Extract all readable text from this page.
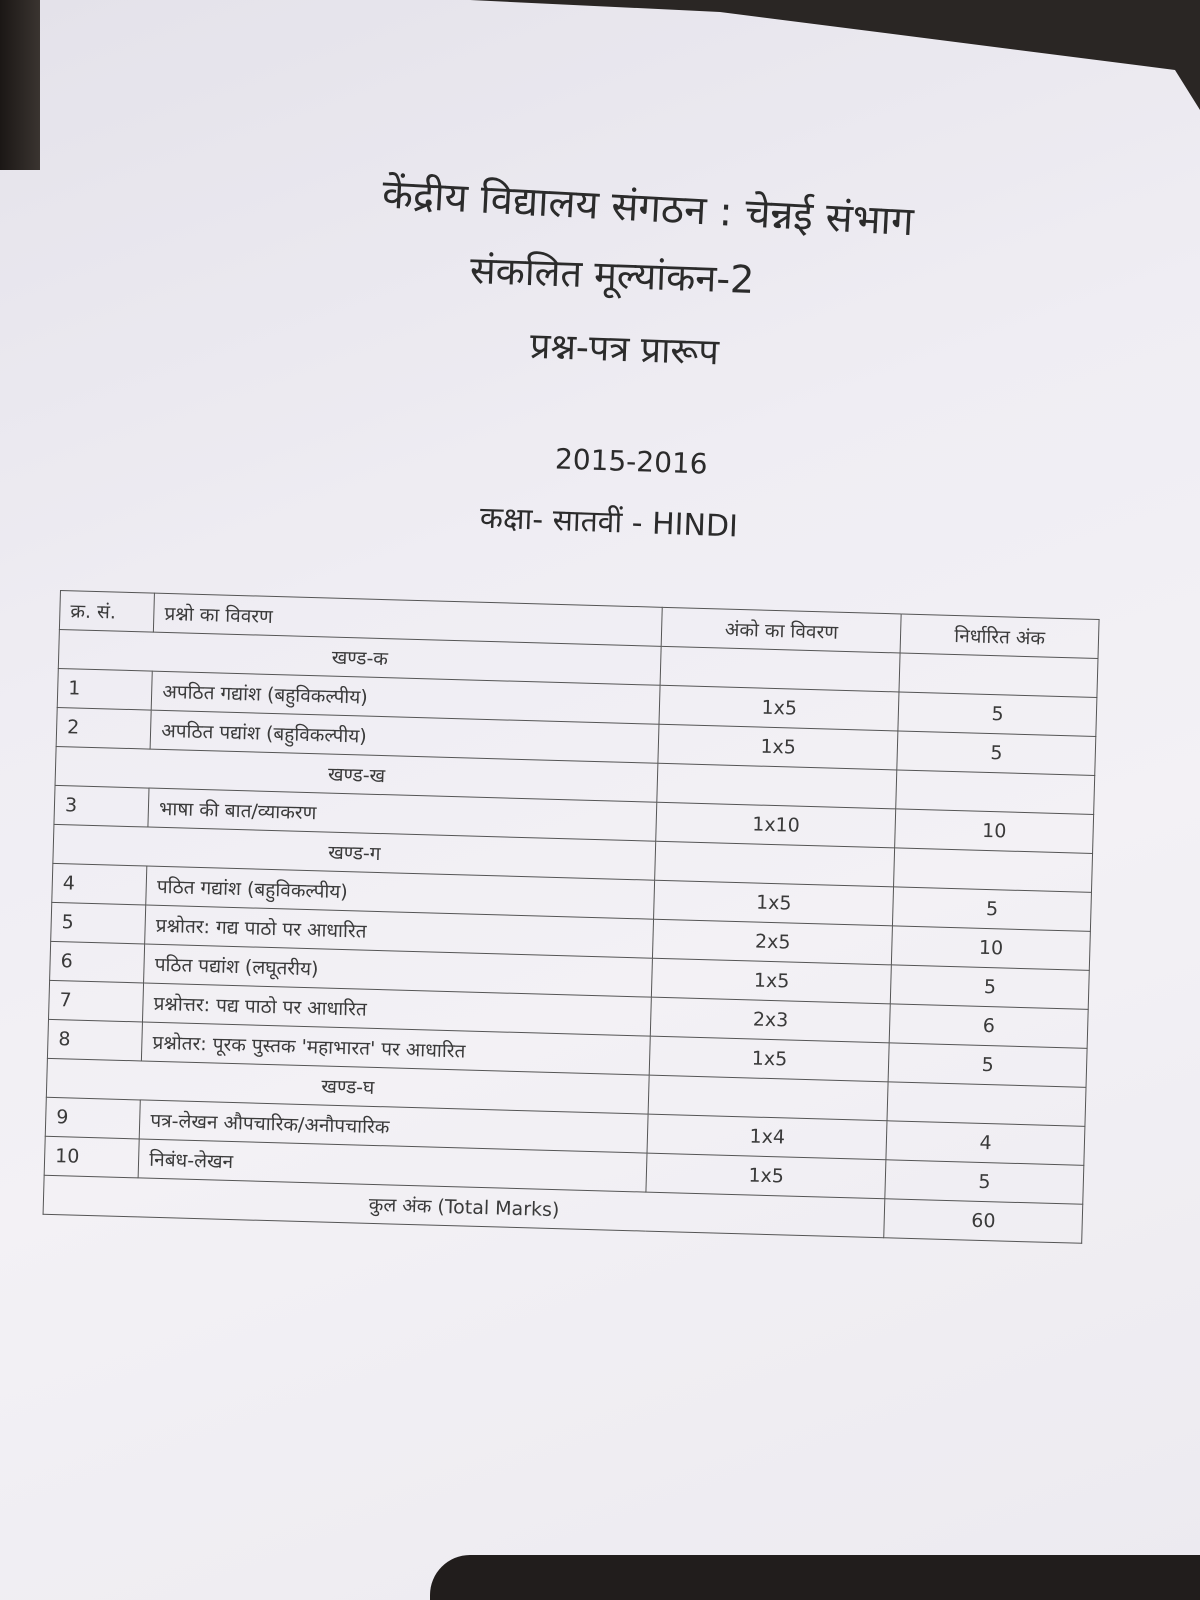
केंद्रीय विद्यालय संगठन : चेन्नई संभाग
संकलित मूल्यांकन-2
प्रश्न-पत्र प्रारूप
2015-2016
कक्षा- सातवीं - HINDI
क्र. सं.	प्रश्नो का विवरण	अंको का विवरण	निर्धारित अंक
खण्ड-क			
1	अपठित गद्यांश (बहुविकल्पीय)	1x5	5
2	अपठित पद्यांश (बहुविकल्पीय)	1x5	5
खण्ड-ख			
3	भाषा की बात/व्याकरण	1x10	10
खण्ड-ग			
4	पठित गद्यांश (बहुविकल्पीय)	1x5	5
5	प्रश्नोतर: गद्य पाठो पर आधारित	2x5	10
6	पठित पद्यांश (लघूतरीय)	1x5	5
7	प्रश्नोत्तर: पद्य पाठो पर आधारित	2x3	6
8	प्रश्नोतर: पूरक पुस्तक 'महाभारत' पर आधारित	1x5	5
खण्ड-घ			
9	पत्र-लेखन औपचारिक/अनौपचारिक	1x4	4
10	निबंध-लेखन	1x5	5
कुल अंक (Total Marks)			60
